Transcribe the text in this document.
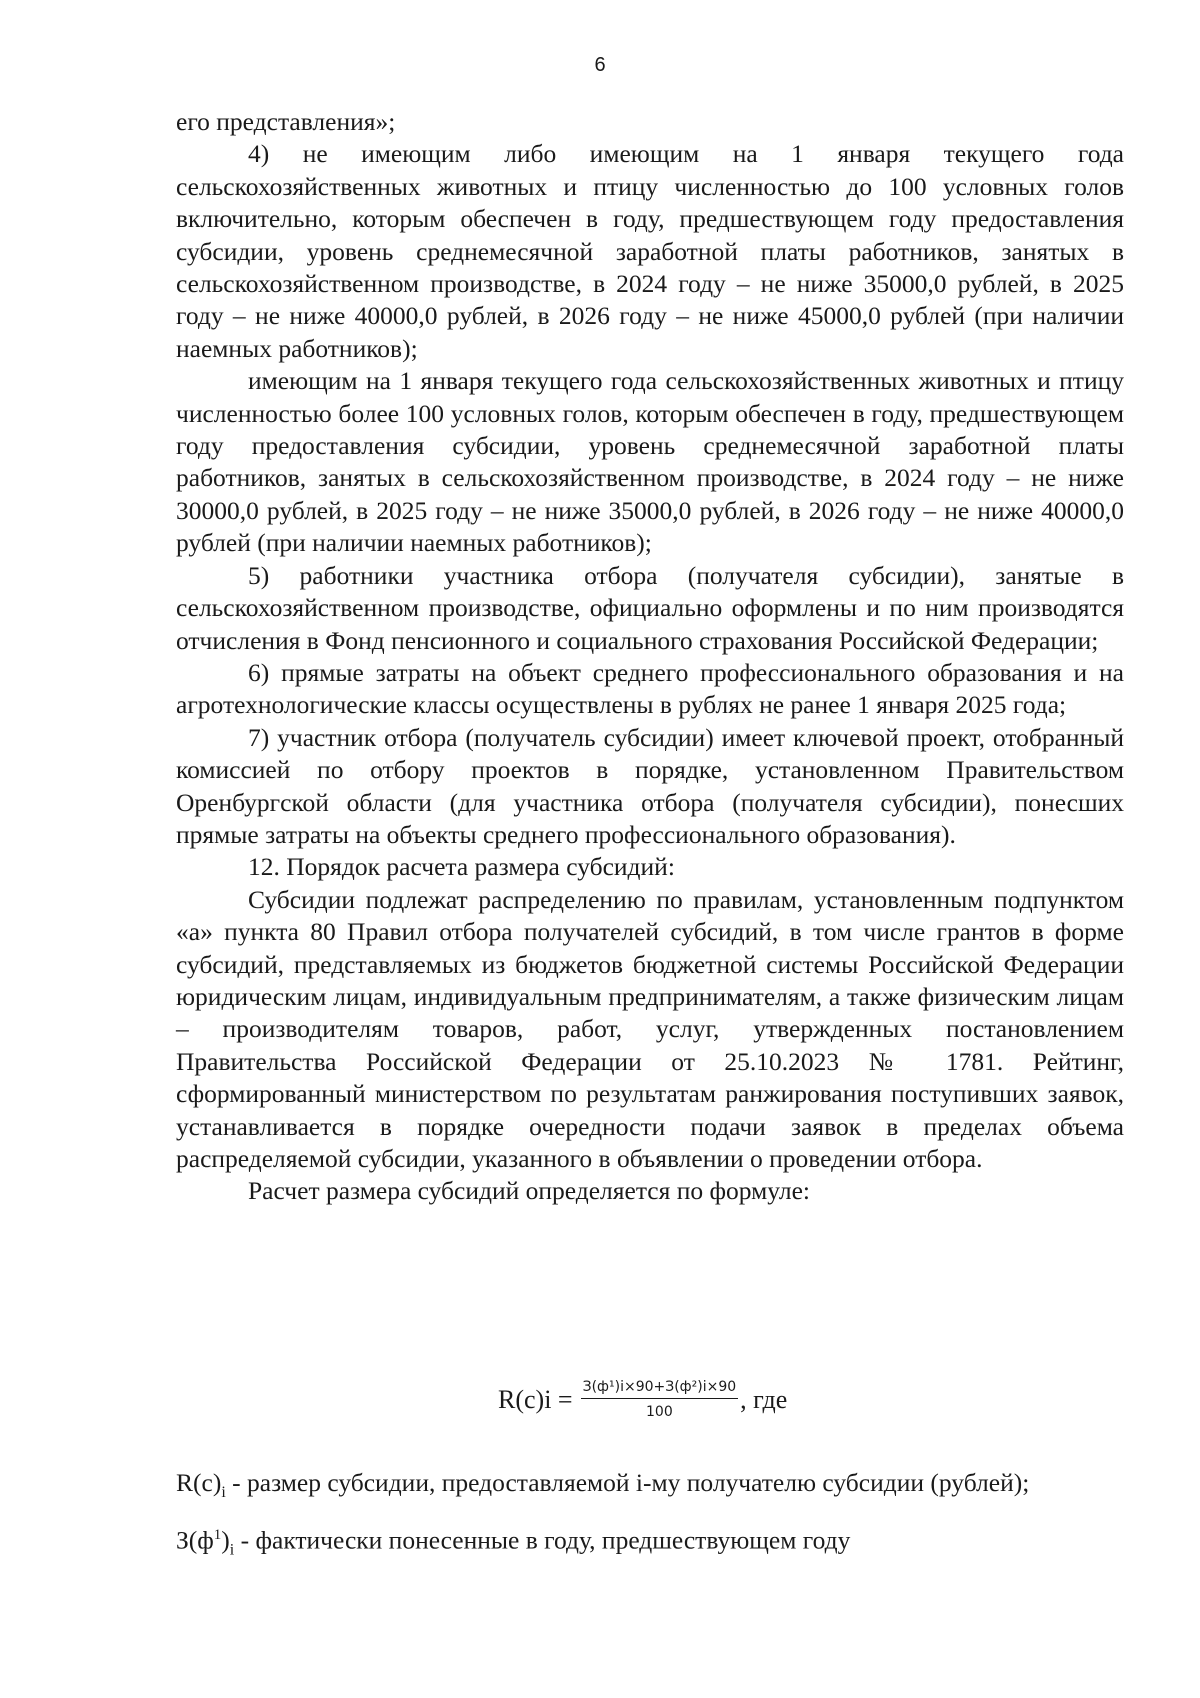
6

его представления»;

4) не имеющим либо имеющим на 1 января текущего года сельскохозяйственных животных и птицу численностью до 100 условных голов включительно, которым обеспечен в году, предшествующем году предоставления субсидии, уровень среднемесячной заработной платы работников, занятых в сельскохозяйственном производстве, в 2024 году – не ниже 35000,0 рублей, в 2025 году – не ниже 40000,0 рублей, в 2026 году – не ниже 45000,0 рублей (при наличии наемных работников);

имеющим на 1 января текущего года сельскохозяйственных животных и птицу численностью более 100 условных голов, которым обеспечен в году, предшествующем году предоставления субсидии, уровень среднемесячной заработной платы работников, занятых в сельскохозяйственном производстве, в 2024 году – не ниже 30000,0 рублей, в 2025 году – не ниже 35000,0 рублей, в 2026 году – не ниже 40000,0 рублей (при наличии наемных работников);

5) работники участника отбора (получателя субсидии), занятые в сельскохозяйственном производстве, официально оформлены и по ним производятся отчисления в Фонд пенсионного и социального страхования Российской Федерации;

6) прямые затраты на объект среднего профессионального образования и на агротехнологические классы осуществлены в рублях не ранее 1 января 2025 года;

7) участник отбора (получатель субсидии) имеет ключевой проект, отобранный комиссией по отбору проектов в порядке, установленном Правительством Оренбургской области (для участника отбора (получателя субсидии), понесших прямые затраты на объекты среднего профессионального образования).

12. Порядок расчета размера субсидий:

Субсидии подлежат распределению по правилам, установленным подпунктом «а» пункта 80 Правил отбора получателей субсидий, в том числе грантов в форме субсидий, представляемых из бюджетов бюджетной системы Российской Федерации юридическим лицам, индивидуальным предпринимателям, а также физическим лицам – производителям товаров, работ, услуг, утвержденных постановлением Правительства Российской Федерации от 25.10.2023 № 1781. Рейтинг, сформированный министерством по результатам ранжирования поступивших заявок, устанавливается в порядке очередности подачи заявок в пределах объема распределяемой субсидии, указанного в объявлении о проведении отбора.

Расчет размера субсидий определяется по формуле:

$R(c)i = \frac{\text{З(ф¹)i×90+З(ф²)i×90}}{100}$ , где

$R(c)_i$ - размер субсидии, предоставляемой i-му получателю субсидии (рублей);

$З(ф^1)_i$ - фактически понесенные в году, предшествующем году
